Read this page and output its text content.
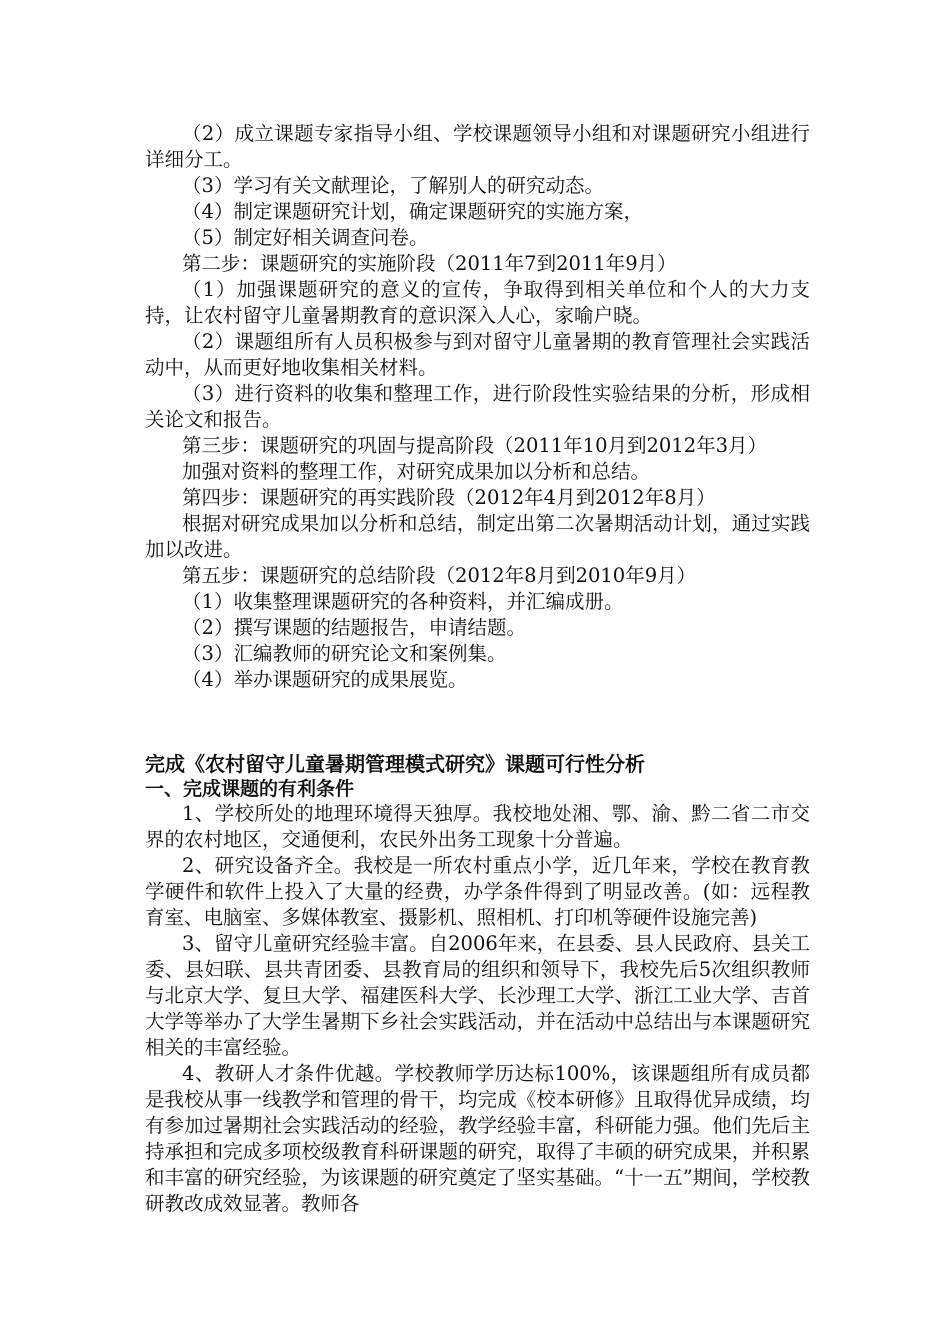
（2）成立课题专家指导小组、学校课题领导小组和对课题研究小组进行详细分工。

（3）学习有关文献理论，了解别人的研究动态。

（4）制定课题研究计划，确定课题研究的实施方案，

（5）制定好相关调查问卷。

第二步：课题研究的实施阶段（2011年7到2011年9月）

（1）加强课题研究的意义的宣传，争取得到相关单位和个人的大力支持，让农村留守儿童暑期教育的意识深入人心，家喻户晓。

（2）课题组所有人员积极参与到对留守儿童暑期的教育管理社会实践活动中，从而更好地收集相关材料。

（3）进行资料的收集和整理工作，进行阶段性实验结果的分析，形成相关论文和报告。

第三步：课题研究的巩固与提高阶段（2011年10月到2012年3月）

加强对资料的整理工作，对研究成果加以分析和总结。

第四步：课题研究的再实践阶段（2012年4月到2012年8月）

根据对研究成果加以分析和总结，制定出第二次暑期活动计划，通过实践加以改进。

第五步：课题研究的总结阶段（2012年8月到2010年9月）

（1）收集整理课题研究的各种资料，并汇编成册。

（2）撰写课题的结题报告，申请结题。

（3）汇编教师的研究论文和案例集。

（4）举办课题研究的成果展览。

完成《农村留守儿童暑期管理模式研究》课题可行性分析

一、完成课题的有利条件

1、学校所处的地理环境得天独厚。我校地处湘、鄂、渝、黔二省二市交界的农村地区，交通便利，农民外出务工现象十分普遍。

2、研究设备齐全。我校是一所农村重点小学，近几年来，学校在教育教学硬件和软件上投入了大量的经费，办学条件得到了明显改善。(如：远程教育室、电脑室、多媒体教室、摄影机、照相机、打印机等硬件设施完善)

3、留守儿童研究经验丰富。自2006年来，在县委、县人民政府、县关工委、县妇联、县共青团委、县教育局的组织和领导下，我校先后5次组织教师与北京大学、复旦大学、福建医科大学、长沙理工大学、浙江工业大学、吉首大学等举办了大学生暑期下乡社会实践活动，并在活动中总结出与本课题研究相关的丰富经验。

4、教研人才条件优越。学校教师学历达标100%，该课题组所有成员都是我校从事一线教学和管理的骨干，均完成《校本研修》且取得优异成绩，均有参加过暑期社会实践活动的经验，教学经验丰富，科研能力强。他们先后主持承担和完成多项校级教育科研课题的研究，取得了丰硕的研究成果，并积累和丰富的研究经验，为该课题的研究奠定了坚实基础。“十一五”期间，学校教研教改成效显著。教师各
